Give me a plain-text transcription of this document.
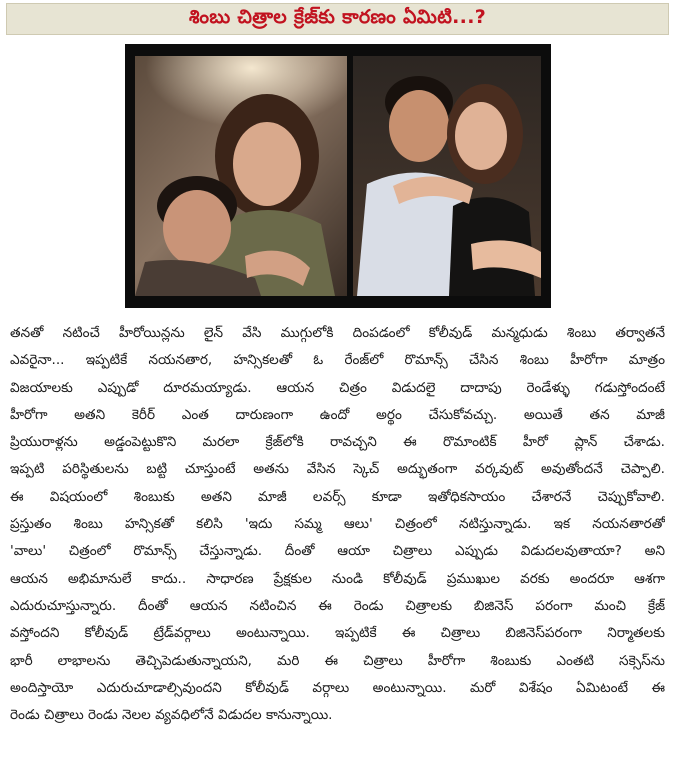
శింబు చిత్రాల క్రేజ్‌కు కారణం ఏమిటి...?
తనతో నటించే హీరోయిన్లను లైన్ వేసి ముగ్గులోకి దింపడంలో కోలీవుడ్ మన్మధుడు శింబు తర్వాతనే
ఎవరైనా... ఇప్పటికే నయనతార, హన్సికలతో ఓ రేంజ్‌లో రొమాన్స్ చేసిన శింబు హీరోగా మాత్రం
విజయాలకు ఎప్పుడో దూరమయ్యాడు. ఆయన చిత్రం విడుదలై దాదాపు రెండేళ్ళు గడుస్తోందంటే
హీరోగా అతని కెరీర్ ఎంత దారుణంగా ఉందో అర్థం చేసుకోవచ్చు. అయితే తన మాజీ
ప్రియురాళ్లను అడ్డంపెట్టుకొని మరలా క్రేజ్‌లోకి రావచ్చని ఈ రొమాంటిక్ హీరో ప్లాన్ చేశాడు.
ఇప్పటి పరిస్థితులను బట్టి చూస్తుంటే అతను వేసిన స్కెచ్ అద్భుతంగా వర్కవుట్ అవుతోందనే చెప్పాలి.
ఈ విషయంలో శింబుకు అతని మాజీ లవర్స్ కూడా ఇతోధికసాయం చేశారనే చెప్పుకోవాలి.
ప్రస్తుతం శింబు హన్సికతో కలిసి 'ఇదు సమ్మ ఆలు' చిత్రంలో నటిస్తున్నాడు. ఇక నయనతారతో
'వాలు' చిత్రంలో రొమాన్స్ చేస్తున్నాడు. దీంతో ఆయా చిత్రాలు ఎప్పుడు విడుదలవుతాయా? అని
ఆయన అభిమానులే కాదు.. సాధారణ ప్రేక్షకుల నుండి కోలీవుడ్ ప్రముఖుల వరకు అందరూ ఆశగా
ఎదురుచూస్తున్నారు. దీంతో ఆయన నటించిన ఈ రెండు చిత్రాలకు బిజినెస్ పరంగా మంచి క్రేజ్
వస్తోందని కోలీవుడ్ ట్రేడ్‌వర్గాలు అంటున్నాయి. ఇప్పటికే ఈ చిత్రాలు బిజినెస్‌పరంగా నిర్మాతలకు
భారీ లాభాలను తెచ్చిపెడుతున్నాయని, మరి ఈ చిత్రాలు హీరోగా శింబుకు ఎంతటి సక్సెస్‌ను
అందిస్తాయో ఎదురుచూడాల్సివుందని కోలీవుడ్ వర్గాలు అంటున్నాయి. మరో విశేషం ఏమిటంటే ఈ
రెండు చిత్రాలు రెండు నెలల వ్యవధిలోనే విడుదల కానున్నాయి.
